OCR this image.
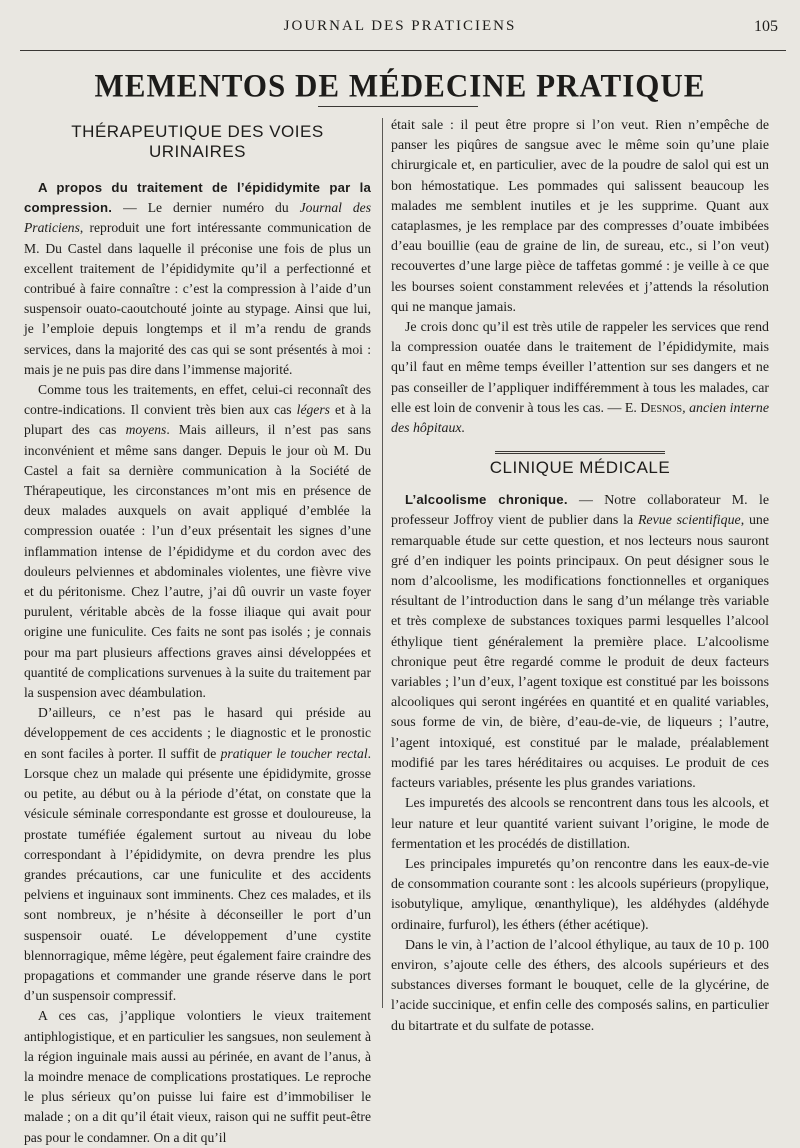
JOURNAL DES PRATICIENS	105
MEMENTOS DE MÉDECINE PRATIQUE
THÉRAPEUTIQUE DES VOIES URINAIRES

A propos du traitement de l’épididymite par la compression. — Le dernier numéro du Journal des Praticiens, reproduit une fort intéressante communication de M. Du Castel dans laquelle il préconise une fois de plus un excellent traitement de l’épididymite qu’il a perfectionné et contribué à faire connaître : c’est la compression à l’aide d’un suspensoir ouato-caoutchouté jointe au stypage. Ainsi que lui, je l’emploie depuis longtemps et il m’a rendu de grands services, dans la majorité des cas qui se sont présentés à moi : mais je ne puis pas dire dans l’immense majorité.

Comme tous les traitements, en effet, celui-ci reconnaît des contre-indications. Il convient très bien aux cas légers et à la plupart des cas moyens. Mais ailleurs, il n’est pas sans inconvénient et même sans danger. Depuis le jour où M. Du Castel a fait sa dernière communication à la Société de Thérapeutique, les circonstances m’ont mis en présence de deux malades auxquels on avait appliqué d’emblée la compression ouatée : l’un d’eux présentait les signes d’une inflammation intense de l’épididyme et du cordon avec des douleurs pelviennes et abdominales violentes, une fièvre vive et du péritonisme. Chez l’autre, j’ai dû ouvrir un vaste foyer purulent, véritable abcès de la fosse iliaque qui avait pour origine une funiculite. Ces faits ne sont pas isolés ; je connais pour ma part plusieurs affections graves ainsi développées et quantité de complications survenues à la suite du traitement par la suspension avec déambulation.

D’ailleurs, ce n’est pas le hasard qui préside au développement de ces accidents ; le diagnostic et le pronostic en sont faciles à porter. Il suffit de pratiquer le toucher rectal. Lorsque chez un malade qui présente une épididymite, grosse ou petite, au début ou à la période d’état, on constate que la vésicule séminale correspondante est grosse et douloureuse, la prostate tuméfiée également surtout au niveau du lobe correspondant à l’épididymite, on devra prendre les plus grandes précautions, car une funiculite et des accidents pelviens et inguinaux sont imminents. Chez ces malades, et ils sont nombreux, je n’hésite à déconseiller le port d’un suspensoir ouaté. Le développement d’une cystite blennorragique, même légère, peut également faire craindre des propagations et commander une grande réserve dans le port d’un suspensoir compressif.

A ces cas, j’applique volontiers le vieux traitement antiphlogistique, et en particulier les sangsues, non seulement à la région inguinale mais aussi au périnée, en avant de l’anus, à la moindre menace de complications prostatiques. Le reproche le plus sérieux qu’on puisse lui faire est d’immobiliser le malade ; on a dit qu’il était vieux, raison qui ne suffit peut-être pas pour le condamner. On a dit qu’il

était sale : il peut être propre si l’on veut. Rien n’empêche de panser les piqûres de sangsue avec le même soin qu’une plaie chirurgicale et, en particulier, avec de la poudre de salol qui est un bon hémostatique. Les pommades qui salissent beaucoup les malades me semblent inutiles et je les supprime. Quant aux cataplasmes, je les remplace par des compresses d’ouate imbibées d’eau bouillie (eau de graine de lin, de sureau, etc., si l’on veut) recouvertes d’une large pièce de taffetas gommé : je veille à ce que les bourses soient constamment relevées et j’attends la résolution qui ne manque jamais.

Je crois donc qu’il est très utile de rappeler les services que rend la compression ouatée dans le traitement de l’épididymite, mais qu’il faut en même temps éveiller l’attention sur ses dangers et ne pas conseiller de l’appliquer indifféremment à tous les malades, car elle est loin de convenir à tous les cas. — E. Desnos, ancien interne des hôpitaux.

CLINIQUE MÉDICALE

L’alcoolisme chronique. — Notre collaborateur M. le professeur Joffroy vient de publier dans la Revue scientifique, une remarquable étude sur cette question, et nos lecteurs nous sauront gré d’en indiquer les points principaux. On peut désigner sous le nom d’alcoolisme, les modifications fonctionnelles et organiques résultant de l’introduction dans le sang d’un mélange très variable et très complexe de substances toxiques parmi lesquelles l’alcool éthylique tient généralement la première place. L’alcoolisme chronique peut être regardé comme le produit de deux facteurs variables ; l’un d’eux, l’agent toxique est constitué par les boissons alcooliques qui seront ingérées en quantité et en qualité variables, sous forme de vin, de bière, d’eau-de-vie, de liqueurs ; l’autre, l’agent intoxiqué, est constitué par le malade, préalablement modifié par les tares héréditaires ou acquises. Le produit de ces facteurs variables, présente les plus grandes variations.

Les impuretés des alcools se rencontrent dans tous les alcools, et leur nature et leur quantité varient suivant l’origine, le mode de fermentation et les procédés de distillation.

Les principales impuretés qu’on rencontre dans les eaux-de-vie de consommation courante sont : les alcools supérieurs (propylique, isobutylique, amylique, œnanthylique), les aldéhydes (aldéhyde ordinaire, furfurol), les éthers (éther acétique).

Dans le vin, à l’action de l’alcool éthylique, au taux de 10 p. 100 environ, s’ajoute celle des éthers, des alcools supérieurs et des substances diverses formant le bouquet, celle de la glycérine, de l’acide succinique, et enfin celle des composés salins, en particulier du bitartrate et du sulfate de potasse.
